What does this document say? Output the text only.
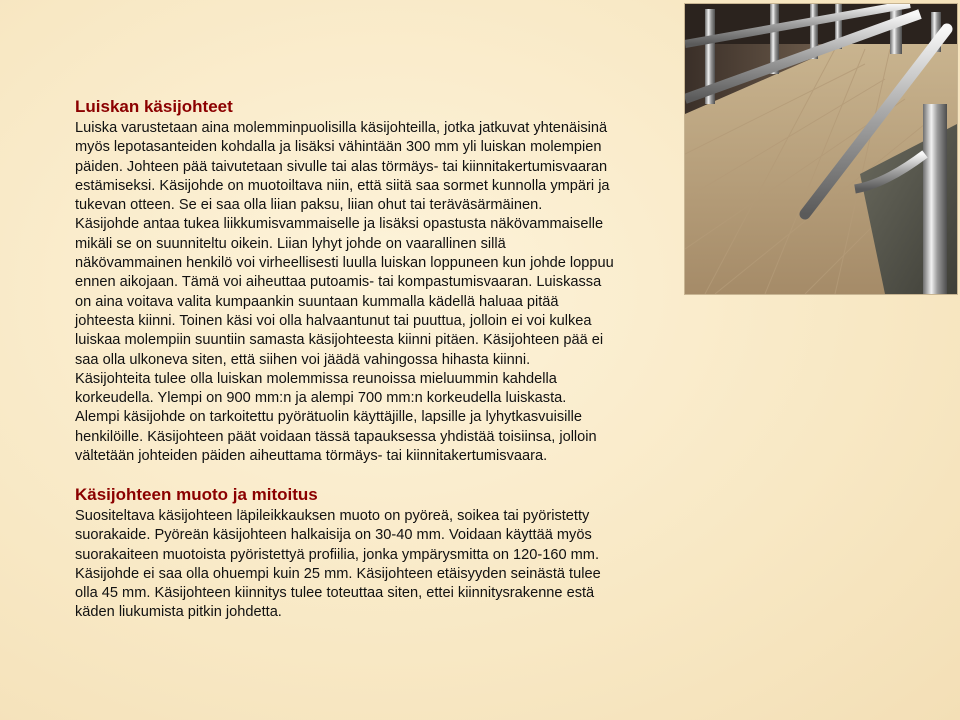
Luiskan käsijohteet

Luiska varustetaan aina molemminpuolisilla käsijohteilla, jotka jatkuvat yhtenäisinä

myös lepotasanteiden kohdalla ja lisäksi vähintään 300 mm yli luiskan molempien

päiden. Johteen pää taivutetaan sivulle tai alas törmäys- tai kiinnitakertumisvaaran

estämiseksi. Käsijohde on muotoiltava niin, että siitä saa sormet kunnolla ympäri ja

tukevan otteen. Se ei saa olla liian paksu, liian ohut tai teräväsärmäinen.

Käsijohde antaa tukea liikkumisvammaiselle ja lisäksi opastusta näkövammaiselle

mikäli se on suunniteltu oikein. Liian lyhyt johde on vaarallinen sillä

näkövammainen henkilö voi virheellisesti luulla luiskan loppuneen kun johde loppuu

ennen aikojaan. Tämä voi aiheuttaa putoamis- tai kompastumisvaaran. Luiskassa

on aina voitava valita kumpaankin suuntaan kummalla kädellä haluaa pitää

johteesta kiinni. Toinen käsi voi olla halvaantunut tai puuttua, jolloin ei voi kulkea

luiskaa molempiin suuntiin samasta käsijohteesta kiinni pitäen. Käsijohteen pää ei

saa olla ulkoneva siten, että siihen voi jäädä vahingossa hihasta kiinni.

Käsijohteita tulee olla luiskan molemmissa reunoissa mieluummin kahdella

korkeudella. Ylempi on 900 mm:n ja alempi 700 mm:n korkeudella luiskasta.

Alempi käsijohde on tarkoitettu pyörätuolin käyttäjille, lapsille ja lyhytkasvuisille

henkilöille. Käsijohteen päät voidaan tässä tapauksessa yhdistää toisiinsa, jolloin

vältetään johteiden päiden aiheuttama törmäys- tai kiinnitakertumisvaara.

Käsijohteen muoto ja mitoitus

Suositeltava käsijohteen läpileikkauksen muoto on pyöreä, soikea tai pyöristetty

suorakaide. Pyöreän käsijohteen halkaisija on 30-40 mm. Voidaan käyttää myös

suorakaiteen muotoista pyöristettyä profiilia, jonka ympärysmitta on 120-160 mm.

Käsijohde ei saa olla ohuempi kuin 25 mm. Käsijohteen etäisyyden seinästä tulee

olla 45 mm. Käsijohteen kiinnitys tulee toteuttaa siten, ettei kiinnitysrakenne estä

käden liukumista pitkin johdetta.
